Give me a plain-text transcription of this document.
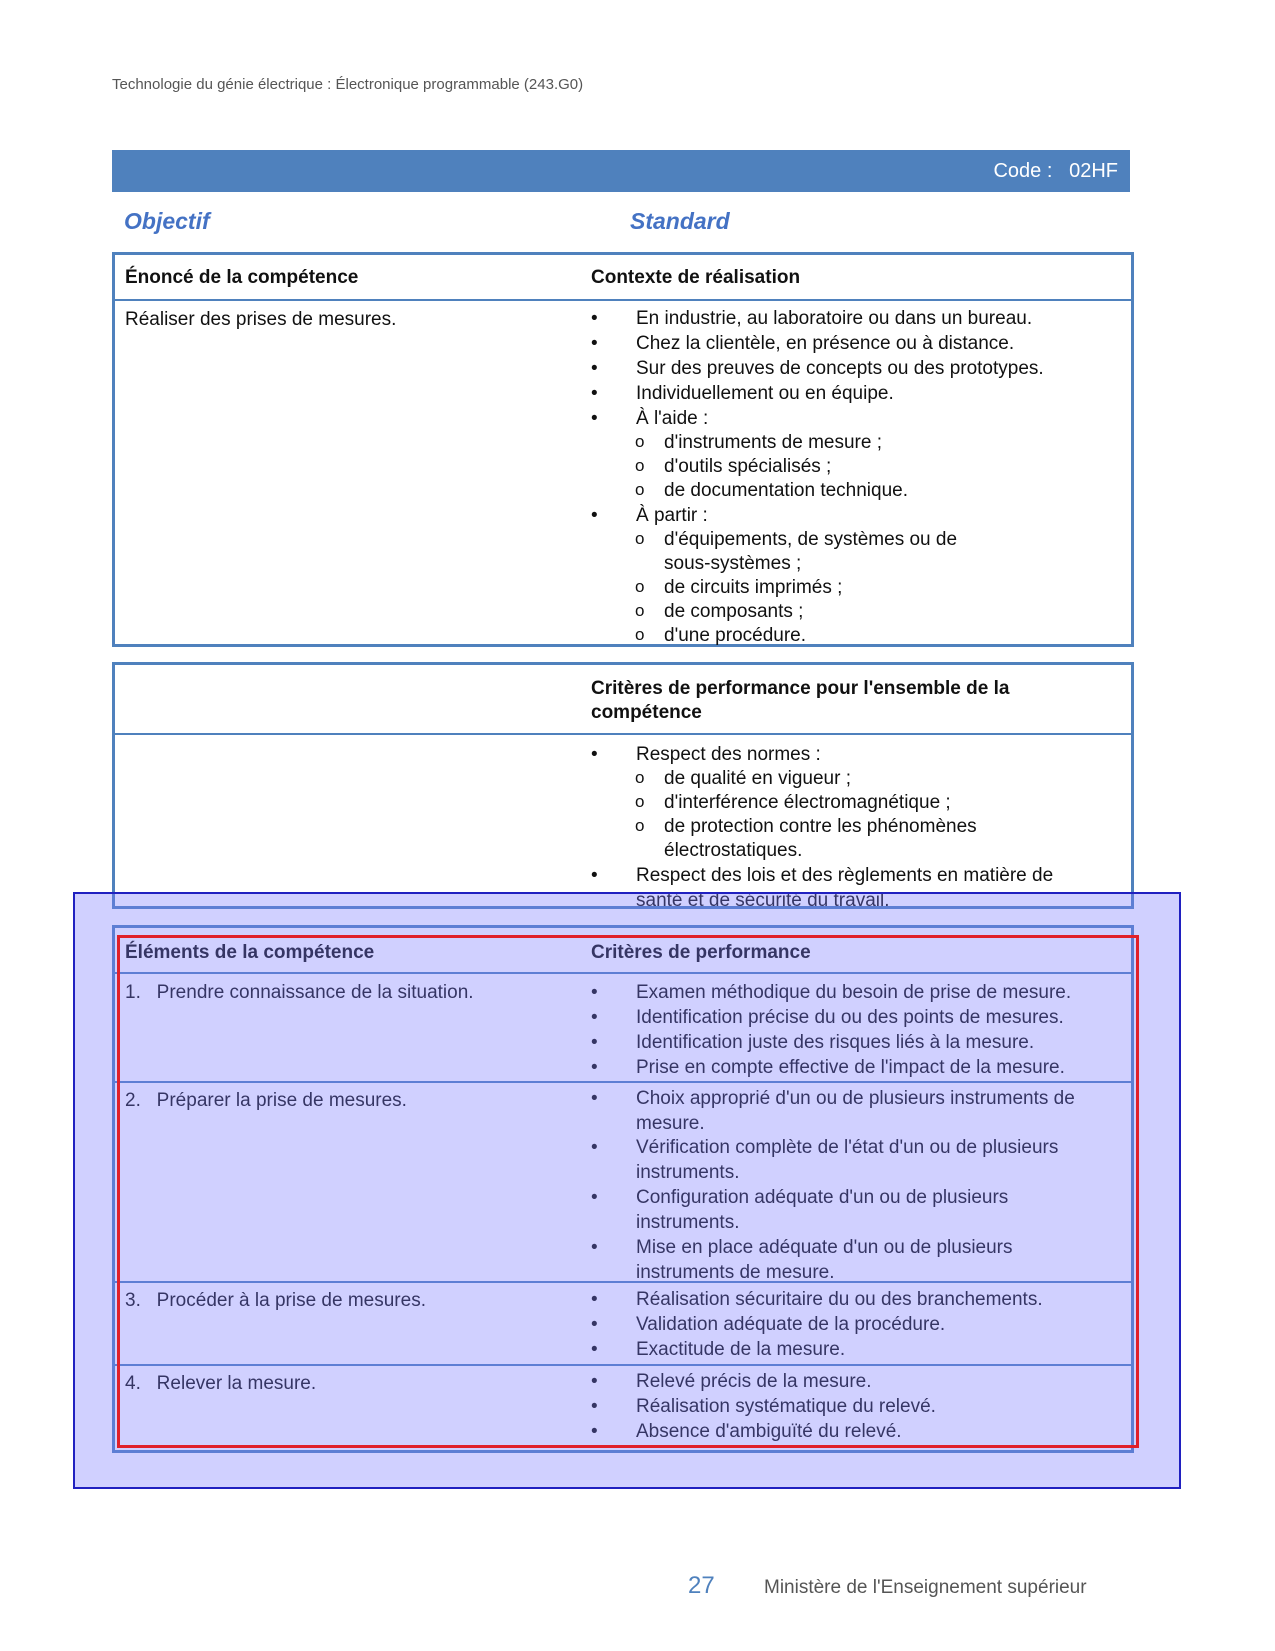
Technologie du génie électrique : Électronique programmable (243.G0)
Code :   02HF
Objectif	Standard
Énoncé de la compétence	Contexte de réalisation
Réaliser des prises de mesures.	• En industrie, au laboratoire ou dans un bureau.
• Chez la clientèle, en présence ou à distance.
• Sur des preuves de concepts ou des prototypes.
• Individuellement ou en équipe.
• À l'aide :
o d'instruments de mesure ;
o d'outils spécialisés ;
o de documentation technique.
• À partir :
o d'équipements, de systèmes ou de sous-systèmes ;
o de circuits imprimés ;
o de composants ;
o d'une procédure.
Critères de performance pour l'ensemble de la compétence
• Respect des normes :
o de qualité en vigueur ;
o d'interférence électromagnétique ;
o de protection contre les phénomènes électrostatiques.
• Respect des lois et des règlements en matière de santé et de sécurité du travail.
Éléments de la compétence	Critères de performance
1.   Prendre connaissance de la situation.	• Examen méthodique du besoin de prise de mesure.
• Identification précise du ou des points de mesures.
• Identification juste des risques liés à la mesure.
• Prise en compte effective de l'impact de la mesure.
2.   Préparer la prise de mesures.	• Choix approprié d'un ou de plusieurs instruments de mesure.
• Vérification complète de l'état d'un ou de plusieurs instruments.
• Configuration adéquate d'un ou de plusieurs instruments.
• Mise en place adéquate d'un ou de plusieurs instruments de mesure.
3.   Procéder à la prise de mesures.	• Réalisation sécuritaire du ou des branchements.
• Validation adéquate de la procédure.
• Exactitude de la mesure.
4.   Relever la mesure.	• Relevé précis de la mesure.
• Réalisation systématique du relevé.
• Absence d'ambiguïté du relevé.
27	Ministère de l'Enseignement supérieur
